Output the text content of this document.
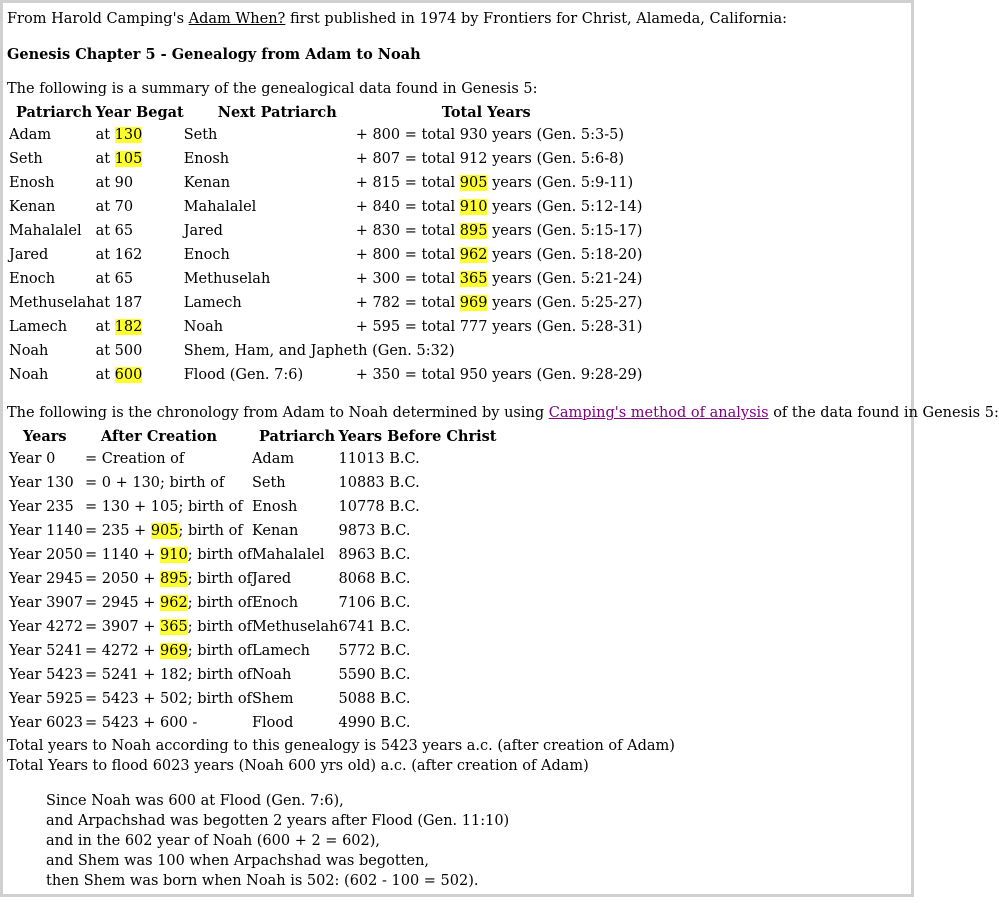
From Harold Camping's Adam When? first published in 1974 by Frontiers for Christ, Alameda, California:
Genesis Chapter 5 - Genealogy from Adam to Noah
The following is a summary of the genealogical data found in Genesis 5:
Patriarch	Year Begat	Next Patriarch	Total Years
Adam	at 130	Seth	+ 800 = total 930 years (Gen. 5:3-5)
Seth	at 105	Enosh	+ 807 = total 912 years (Gen. 5:6-8)
Enosh	at 90	Kenan	+ 815 = total 905 years (Gen. 5:9-11)
Kenan	at 70	Mahalalel	+ 840 = total 910 years (Gen. 5:12-14)
Mahalalel	at 65	Jared	+ 830 = total 895 years (Gen. 5:15-17)
Jared	at 162	Enoch	+ 800 = total 962 years (Gen. 5:18-20)
Enoch	at 65	Methuselah	+ 300 = total 365 years (Gen. 5:21-24)
Methuselah	at 187	Lamech	+ 782 = total 969 years (Gen. 5:25-27)
Lamech	at 182	Noah	+ 595 = total 777 years (Gen. 5:28-31)
Noah	at 500	Shem, Ham, and Japheth (Gen. 5:32)	
Noah	at 600	Flood (Gen. 7:6)	+ 350 = total 950 years (Gen. 9:28-29)
The following is the chronology from Adam to Noah determined by using Camping's method of analysis of the data found in Genesis 5:
Years	After Creation	Patriarch	Years Before Christ
Year 0	= Creation of	Adam	11013 B.C.
Year 130	= 0 + 130; birth of	Seth	10883 B.C.
Year 235	= 130 + 105; birth of	Enosh	10778 B.C.
Year 1140	= 235 + 905; birth of	Kenan	9873 B.C.
Year 2050	= 1140 + 910; birth of	Mahalalel	8963 B.C.
Year 2945	= 2050 + 895; birth of	Jared	8068 B.C.
Year 3907	= 2945 + 962; birth of	Enoch	7106 B.C.
Year 4272	= 3907 + 365; birth of	Methuselah	6741 B.C.
Year 5241	= 4272 + 969; birth of	Lamech	5772 B.C.
Year 5423	= 5241 + 182; birth of	Noah	5590 B.C.
Year 5925	= 5423 + 502; birth of	Shem	5088 B.C.
Year 6023	= 5423 + 600 -	Flood	4990 B.C.
Total years to Noah according to this genealogy is 5423 years a.c. (after creation of Adam)
Total Years to flood 6023 years (Noah 600 yrs old) a.c. (after creation of Adam)
Since Noah was 600 at Flood (Gen. 7:6),
and Arpachshad was begotten 2 years after Flood (Gen. 11:10)
and in the 602 year of Noah (600 + 2 = 602),
and Shem was 100 when Arpachshad was begotten,
then Shem was born when Noah is 502: (602 - 100 = 502).
